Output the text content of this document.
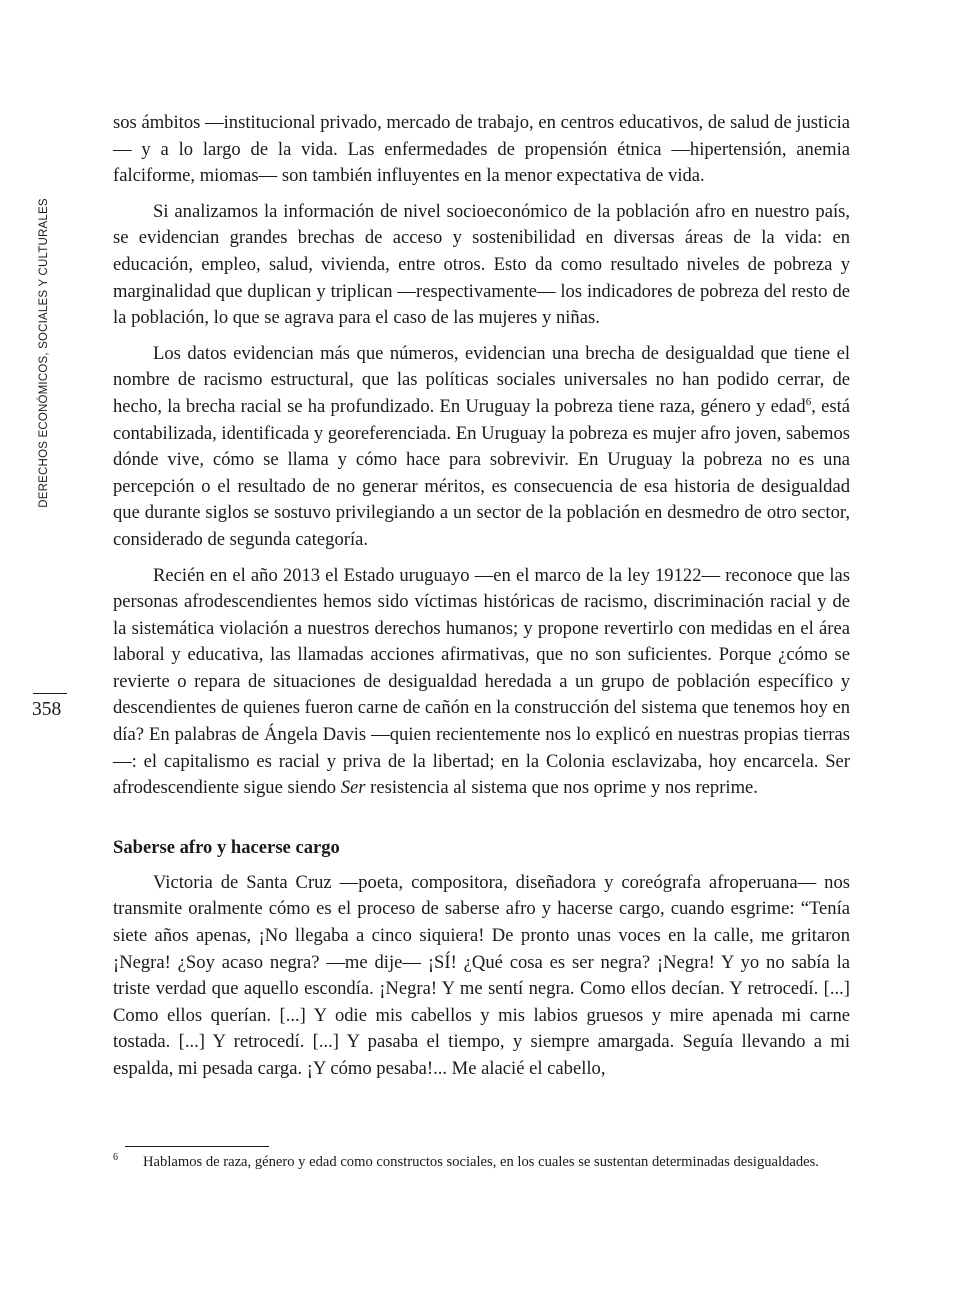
DERECHOS ECONÓMICOS, SOCIALES Y CULTURALES
358

sos ámbitos —institucional privado, mercado de trabajo, en centros educativos, de salud de justicia— y a lo largo de la vida. Las enfermedades de propensión étnica —hipertensión, anemia falciforme, miomas— son también influyentes en la menor expectativa de vida.

Si analizamos la información de nivel socioeconómico de la población afro en nuestro país, se evidencian grandes brechas de acceso y sostenibilidad en diversas áreas de la vida: en educación, empleo, salud, vivienda, entre otros. Esto da como resultado niveles de pobreza y marginalidad que duplican y triplican —respectivamente— los indicadores de pobreza del resto de la población, lo que se agrava para el caso de las mujeres y niñas.

Los datos evidencian más que números, evidencian una brecha de desigualdad que tiene el nombre de racismo estructural, que las políticas sociales universales no han podido cerrar, de hecho, la brecha racial se ha profundizado. En Uruguay la pobreza tiene raza, género y edad$^6$, está contabilizada, identificada y georeferenciada. En Uruguay la pobreza es mujer afro joven, sabemos dónde vive, cómo se llama y cómo hace para sobrevivir. En Uruguay la pobreza no es una percepción o el resultado de no generar méritos, es consecuencia de esa historia de desigualdad que durante siglos se sostuvo privilegiando a un sector de la población en desmedro de otro sector, considerado de segunda categoría.

Recién en el año 2013 el Estado uruguayo —en el marco de la ley 19122— reconoce que las personas afrodescendientes hemos sido víctimas históricas de racismo, discriminación racial y de la sistemática violación a nuestros derechos humanos; y propone revertirlo con medidas en el área laboral y educativa, las llamadas acciones afirmativas, que no son suficientes. Porque ¿cómo se revierte o repara de situaciones de desigualdad heredada a un grupo de población específico y descendientes de quienes fueron carne de cañón en la construcción del sistema que tenemos hoy en día? En palabras de Ángela Davis —quien recientemente nos lo explicó en nuestras propias tierras—: el capitalismo es racial y priva de la libertad; en la Colonia esclavizaba, hoy encarcela. Ser afrodescendiente sigue siendo Ser resistencia al sistema que nos oprime y nos reprime.

Saberse afro y hacerse cargo

Victoria de Santa Cruz —poeta, compositora, diseñadora y coreógrafa afroperuana— nos transmite oralmente cómo es el proceso de saberse afro y hacerse cargo, cuando esgrime: “Tenía siete años apenas, ¡No llegaba a cinco siquiera! De pronto unas voces en la calle, me gritaron ¡Negra! ¿Soy acaso negra? —me dije— ¡SÍ! ¿Qué cosa es ser negra? ¡Negra! Y yo no sabía la triste verdad que aquello escondía. ¡Negra! Y me sentí negra. Como ellos decían. Y retrocedí. [...] Como ellos querían. [...] Y odie mis cabellos y mis labios gruesos y mire apenada mi carne tostada. [...] Y retrocedí. [...] Y pasaba el tiempo, y siempre amargada. Seguía llevando a mi espalda, mi pesada carga. ¡Y cómo pesaba!... Me alacié el cabello,

6 Hablamos de raza, género y edad como constructos sociales, en los cuales se sustentan determinadas desigualdades.
